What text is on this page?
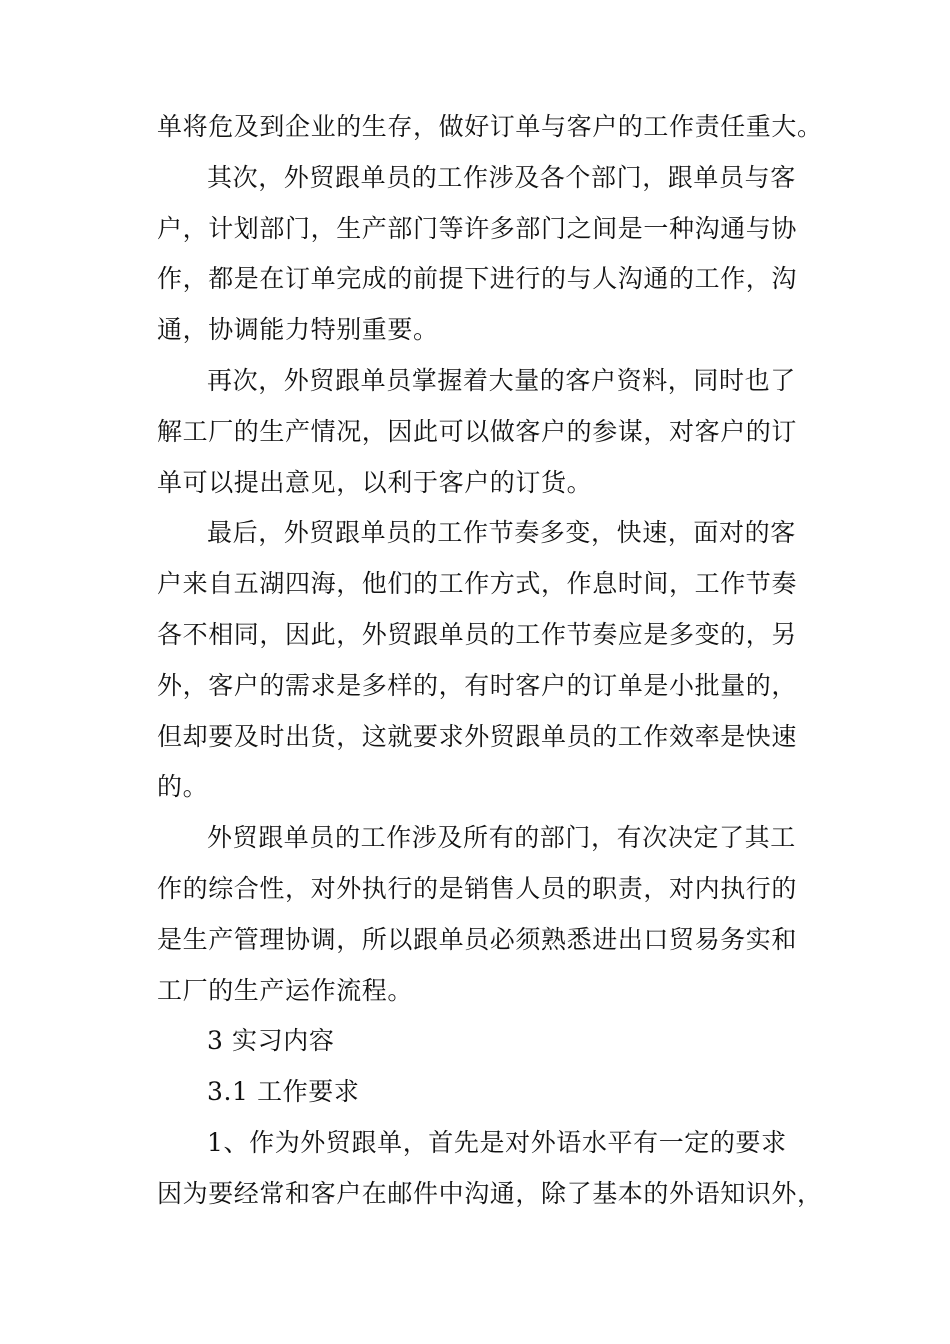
单将危及到企业的生存，做好订单与客户的工作责任重大。
其次，外贸跟单员的工作涉及各个部门，跟单员与客
户，计划部门，生产部门等许多部门之间是一种沟通与协
作，都是在订单完成的前提下进行的与人沟通的工作，沟
通，协调能力特别重要。
再次，外贸跟单员掌握着大量的客户资料，同时也了
解工厂的生产情况，因此可以做客户的参谋，对客户的订
单可以提出意见，以利于客户的订货。
最后，外贸跟单员的工作节奏多变，快速，面对的客
户来自五湖四海，他们的工作方式，作息时间，工作节奏
各不相同，因此，外贸跟单员的工作节奏应是多变的，另
外，客户的需求是多样的，有时客户的订单是小批量的，
但却要及时出货，这就要求外贸跟单员的工作效率是快速
的。
外贸跟单员的工作涉及所有的部门，有次决定了其工
作的综合性，对外执行的是销售人员的职责，对内执行的
是生产管理协调，所以跟单员必须熟悉进出口贸易务实和
工厂的生产运作流程。
3 实习内容
3.1 工作要求
1、作为外贸跟单，首先是对外语水平有一定的要求
因为要经常和客户在邮件中沟通，除了基本的外语知识外，
